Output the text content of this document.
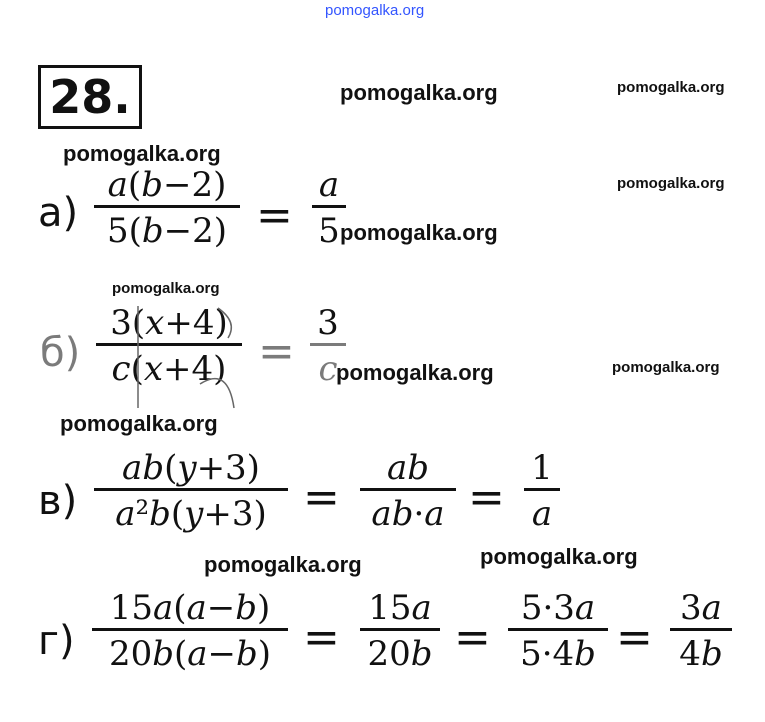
pomogalka.org
28.	pomogalka.org	pomogalka.org
pomogalka.org
pomogalka.org
pomogalka.org
pomogalka.org
pomogalka.org	pomogalka.org
pomogalka.org
pomogalka.org	pomogalka.org
$а) \frac{a(b-2)}{5(b-2)} = \frac{a}{5}$
$б) \frac{3(x+4)}{c(x+4)} = \frac{3}{c}$
$в) \frac{ab(y+3)}{\text{a²b(y+3)}} = \frac{ab}{ab\cdot a} = \frac{1}{a}$
$г) \frac{15a(a-b)}{20b(a-b)} = \frac{15a}{20b} = \frac{5\cdot 3a}{5\cdot 4b} = \frac{3a}{4b}$
